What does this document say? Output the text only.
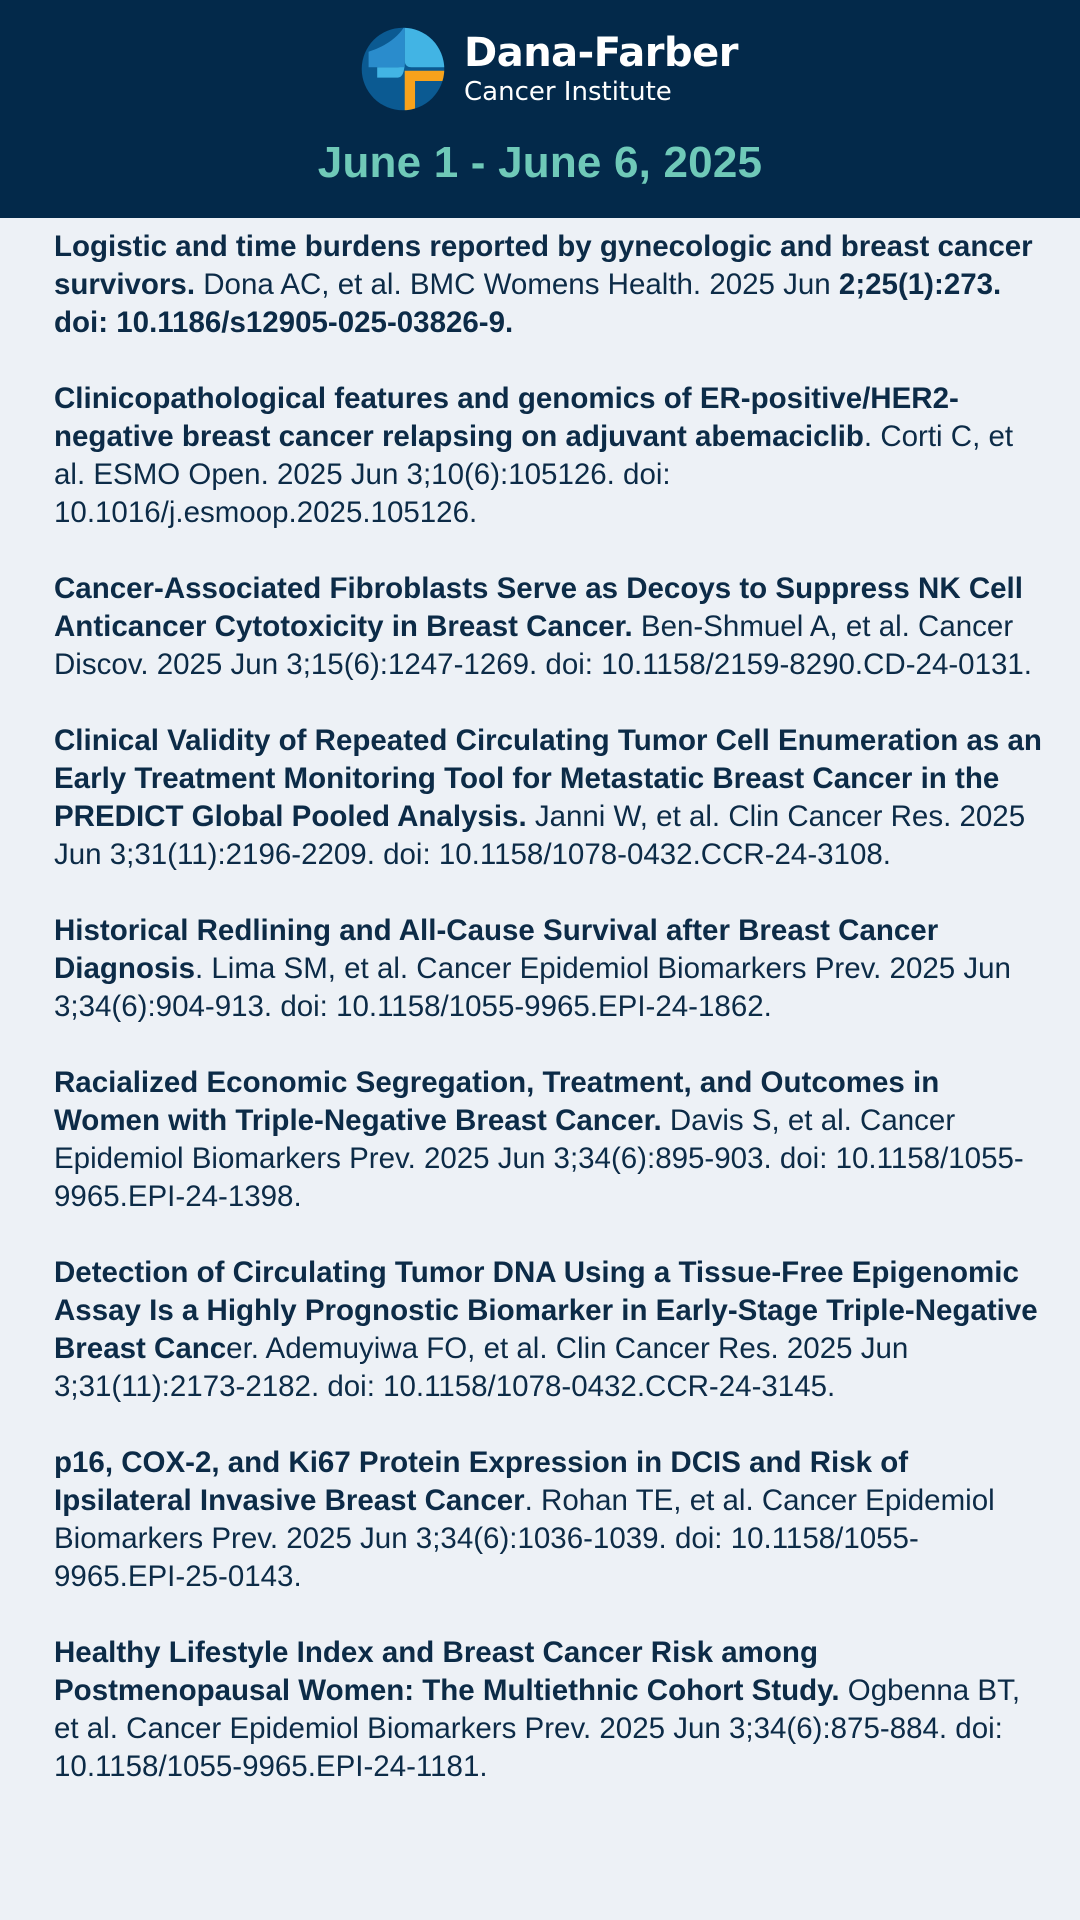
Dana-Farber
Cancer Institute
June 1 - June 6, 2025
Logistic and time burdens reported by gynecologic and breast cancer survivors. Dona AC, et al. BMC Womens Health. 2025 Jun 2;25(1):273. doi: 10.1186/s12905-025-03826-9.
Clinicopathological features and genomics of ER-positive/HER2-negative breast cancer relapsing on adjuvant abemaciclib. Corti C, et al. ESMO Open. 2025 Jun 3;10(6):105126. doi: 10.1016/j.esmoop.2025.105126.
Cancer-Associated Fibroblasts Serve as Decoys to Suppress NK Cell Anticancer Cytotoxicity in Breast Cancer. Ben-Shmuel A, et al. Cancer Discov. 2025 Jun 3;15(6):1247-1269. doi: 10.1158/2159-8290.CD-24-0131.
Clinical Validity of Repeated Circulating Tumor Cell Enumeration as an Early Treatment Monitoring Tool for Metastatic Breast Cancer in the PREDICT Global Pooled Analysis. Janni W, et al. Clin Cancer Res. 2025 Jun 3;31(11):2196-2209. doi: 10.1158/1078-0432.CCR-24-3108.
Historical Redlining and All-Cause Survival after Breast Cancer Diagnosis. Lima SM, et al. Cancer Epidemiol Biomarkers Prev. 2025 Jun 3;34(6):904-913. doi: 10.1158/1055-9965.EPI-24-1862.
Racialized Economic Segregation, Treatment, and Outcomes in Women with Triple-Negative Breast Cancer. Davis S, et al. Cancer Epidemiol Biomarkers Prev. 2025 Jun 3;34(6):895-903. doi: 10.1158/1055-9965.EPI-24-1398.
Detection of Circulating Tumor DNA Using a Tissue-Free Epigenomic Assay Is a Highly Prognostic Biomarker in Early-Stage Triple-Negative Breast Cancer. Ademuyiwa FO, et al. Clin Cancer Res. 2025 Jun 3;31(11):2173-2182. doi: 10.1158/1078-0432.CCR-24-3145.
p16, COX-2, and Ki67 Protein Expression in DCIS and Risk of Ipsilateral Invasive Breast Cancer. Rohan TE, et al. Cancer Epidemiol Biomarkers Prev. 2025 Jun 3;34(6):1036-1039. doi: 10.1158/1055-9965.EPI-25-0143.
Healthy Lifestyle Index and Breast Cancer Risk among Postmenopausal Women: The Multiethnic Cohort Study. Ogbenna BT, et al. Cancer Epidemiol Biomarkers Prev. 2025 Jun 3;34(6):875-884. doi: 10.1158/1055-9965.EPI-24-1181.
